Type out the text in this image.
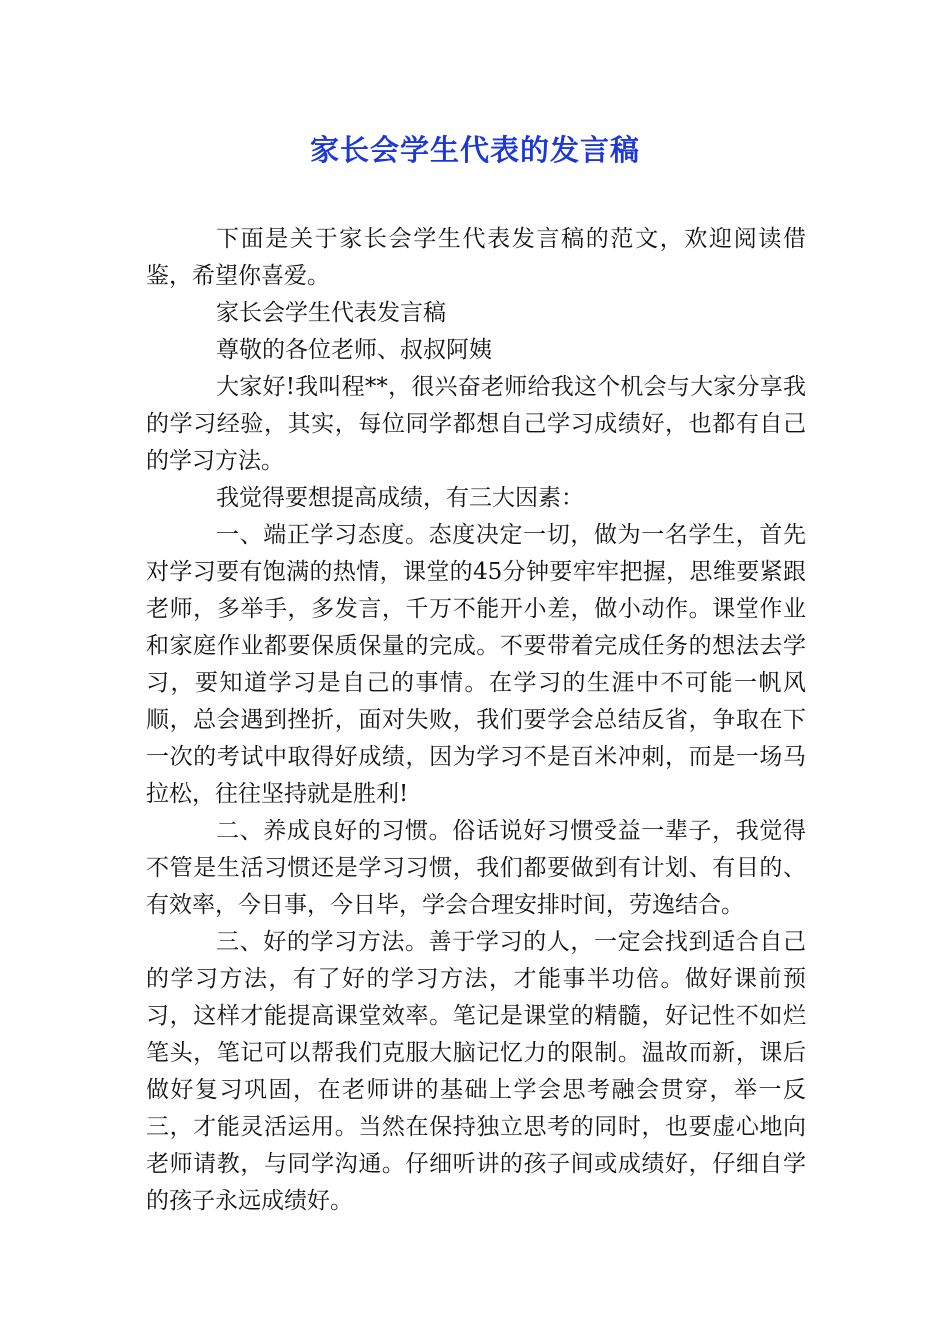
家长会学生代表的发言稿

下面是关于家长会学生代表发言稿的范文，欢迎阅读借鉴，希望你喜爱。

家长会学生代表发言稿

尊敬的各位老师、叔叔阿姨

大家好!我叫程**，很兴奋老师给我这个机会与大家分享我的学习经验，其实，每位同学都想自己学习成绩好，也都有自己的学习方法。

我觉得要想提高成绩，有三大因素：

一、端正学习态度。态度决定一切，做为一名学生，首先对学习要有饱满的热情，课堂的45分钟要牢牢把握，思维要紧跟老师，多举手，多发言，千万不能开小差，做小动作。课堂作业和家庭作业都要保质保量的完成。不要带着完成任务的想法去学习，要知道学习是自己的事情。在学习的生涯中不可能一帆风顺，总会遇到挫折，面对失败，我们要学会总结反省，争取在下一次的考试中取得好成绩，因为学习不是百米冲刺，而是一场马拉松，往往坚持就是胜利!

二、养成良好的习惯。俗话说好习惯受益一辈子，我觉得不管是生活习惯还是学习习惯，我们都要做到有计划、有目的、有效率，今日事，今日毕，学会合理安排时间，劳逸结合。

三、好的学习方法。善于学习的人，一定会找到适合自己的学习方法，有了好的学习方法，才能事半功倍。做好课前预习，这样才能提高课堂效率。笔记是课堂的精髓，好记性不如烂笔头，笔记可以帮我们克服大脑记忆力的限制。温故而新，课后做好复习巩固，在老师讲的基础上学会思考融会贯穿，举一反三，才能灵活运用。当然在保持独立思考的同时，也要虚心地向老师请教，与同学沟通。仔细听讲的孩子间或成绩好，仔细自学的孩子永远成绩好。
